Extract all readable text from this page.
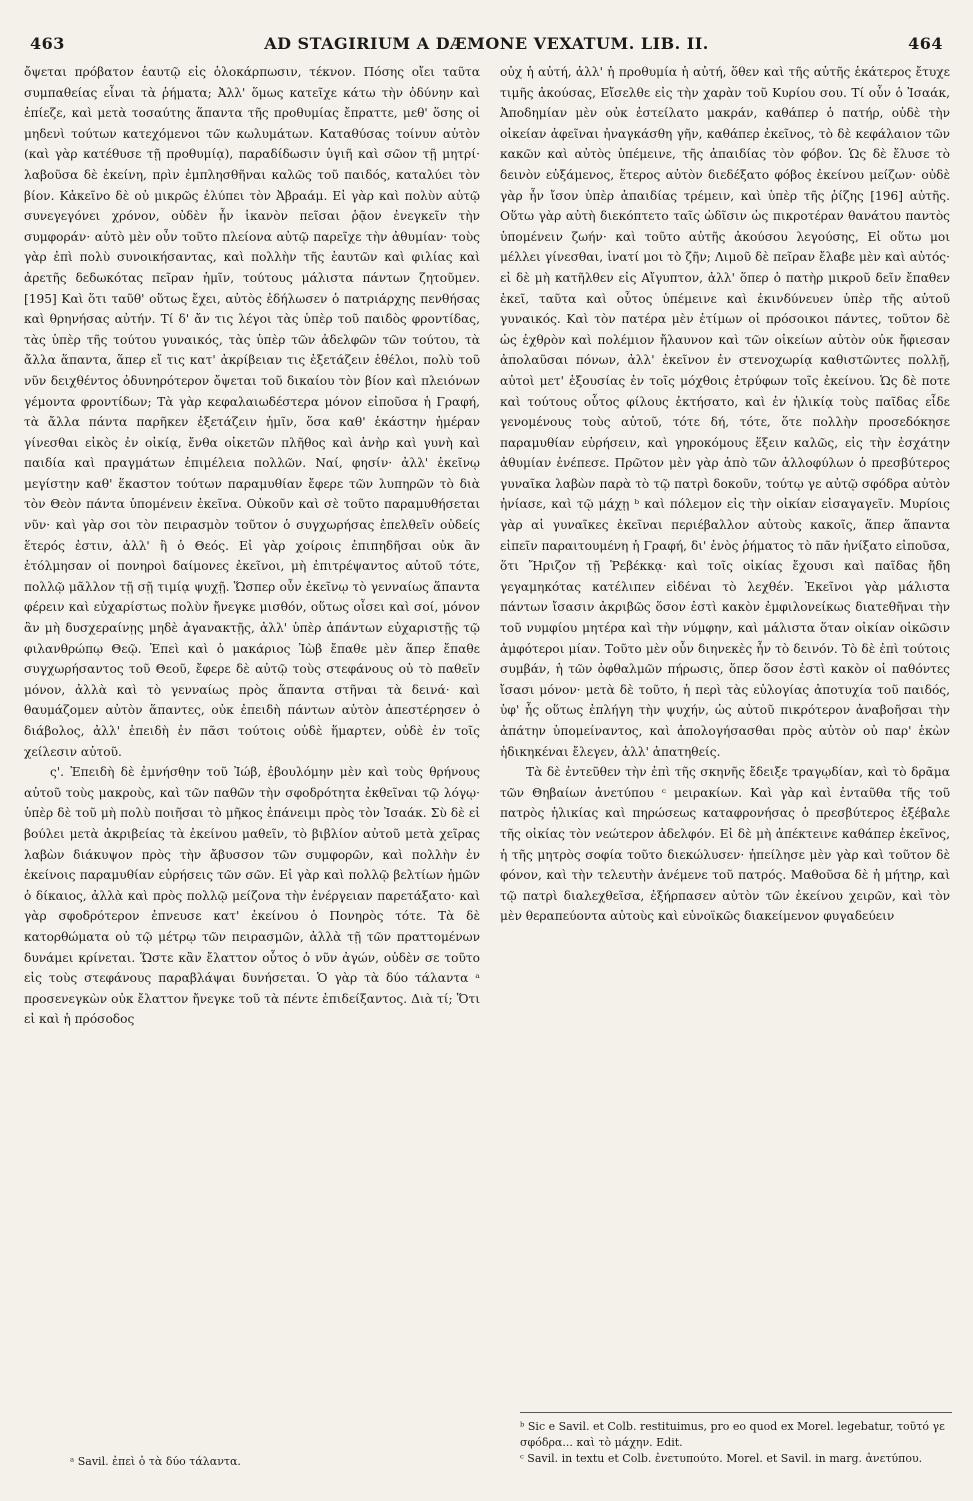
463	AD STAGIRIUM A DÆMONE VEXATUM. LIB. II.	464

ὄψεται πρόβατον ἑαυτῷ εἰς ὁλοκάρπωσιν, τέκνον. Πόσης οἴει ταῦτα συμπαθείας εἶναι τὰ ῥήματα; Ἀλλ' ὅμως κατεῖχε κάτω τὴν ὀδύνην καὶ ἐπίεζε, καὶ μετὰ τοσαύτης ἅπαντα τῆς προθυμίας ἔπραττε, μεθ' ὅσης οἱ μηδενὶ τούτων κατεχόμενοι τῶν κωλυμάτων. Καταθύσας τοίνυν αὐτὸν (καὶ γὰρ κατέθυσε τῇ προθυμίᾳ), παραδίδωσιν ὑγιῆ καὶ σῶον τῇ μητρί· λαβοῦσα δὲ ἐκείνη, πρὶν ἐμπλησθῆναι καλῶς τοῦ παιδός, καταλύει τὸν βίον. Κἀκεῖνο δὲ οὐ μικρῶς ἐλύπει τὸν Ἀβραάμ. Εἰ γὰρ καὶ πολὺν αὐτῷ συνεγεγόνει χρόνον, οὐδὲν ἦν ἱκανὸν πεῖσαι ῥᾷον ἐνεγκεῖν τὴν συμφοράν· αὐτὸ μὲν οὖν τοῦτο πλείονα αὐτῷ παρεῖχε τὴν ἀθυμίαν· τοὺς γὰρ ἐπὶ πολὺ συνοικήσαντας, καὶ πολλὴν τῆς ἑαυτῶν καὶ φιλίας καὶ ἀρετῆς δεδωκότας πεῖραν ἡμῖν, τούτους μάλιστα πάντων ζητοῦμεν. [195] Καὶ ὅτι ταῦθ' οὕτως ἔχει, αὐτὸς ἐδήλωσεν ὁ πατριάρχης πενθήσας καὶ θρηνήσας αὐτήν. Τί δ' ἄν τις λέγοι τὰς ὑπὲρ τοῦ παιδὸς φροντίδας, τὰς ὑπὲρ τῆς τούτου γυναικός, τὰς ὑπὲρ τῶν ἀδελφῶν τῶν τούτου, τὰ ἄλλα ἅπαντα, ἅπερ εἴ τις κατ' ἀκρίβειαν τις ἐξετάζειν ἐθέλοι, πολὺ τοῦ νῦν δειχθέντος ὀδυνηρότερον ὄψεται τοῦ δικαίου τὸν βίον καὶ πλειόνων γέμοντα φροντίδων; Τὰ γὰρ κεφαλαιωδέστερα μόνον εἰποῦσα ἡ Γραφή, τὰ ἄλλα πάντα παρῆκεν ἐξετάζειν ἡμῖν, ὅσα καθ' ἑκάστην ἡμέραν γίνεσθαι εἰκὸς ἐν οἰκίᾳ, ἔνθα οἰκετῶν πλῆθος καὶ ἀνὴρ καὶ γυνὴ καὶ παιδία καὶ πραγμάτων ἐπιμέλεια πολλῶν. Ναί, φησίν· ἀλλ' ἐκεῖνῳ μεγίστην καθ' ἕκαστον τούτων παραμυθίαν ἔφερε τῶν λυπηρῶν τὸ διὰ τὸν Θεὸν πάντα ὑπομένειν ἐκεῖνα. Οὐκοῦν καὶ σὲ τοῦτο παραμυθήσεται νῦν· καὶ γὰρ σοι τὸν πειρασμὸν τοῦτον ὁ συγχωρήσας ἐπελθεῖν οὐδείς ἕτερός ἐστιν, ἀλλ' ἢ ὁ Θεός. Εἰ γὰρ χοίροις ἐπιπηδῆσαι οὐκ ἂν ἐτόλμησαν οἱ πονηροὶ δαίμονες ἐκεῖνοι, μὴ ἐπιτρέψαντος αὐτοῦ τότε, πολλῷ μᾶλλον τῇ σῇ τιμίᾳ ψυχῇ. Ὥσπερ οὖν ἐκεῖνῳ τὸ γενναίως ἅπαντα φέρειν καὶ εὐχαρίστως πολὺν ἤνεγκε μισθόν, οὕτως οἶσει καὶ σοί, μόνον ἂν μὴ δυσχεραίνῃς μηδὲ ἀγανακτῇς, ἀλλ' ὑπὲρ ἁπάντων εὐχαριστῇς τῷ φιλανθρώπῳ Θεῷ. Ἐπεὶ καὶ ὁ μακάριος Ἰὼβ ἔπαθε μὲν ἅπερ ἔπαθε συγχωρήσαντος τοῦ Θεοῦ, ἔφερε δὲ αὐτῷ τοὺς στεφάνους οὐ τὸ παθεῖν μόνον, ἀλλὰ καὶ τὸ γενναίως πρὸς ἅπαντα στῆναι τὰ δεινά· καὶ θαυμάζομεν αὐτὸν ἅπαντες, οὐκ ἐπειδὴ πάντων αὐτὸν ἀπεστέρησεν ὁ διάβολος, ἀλλ' ἐπειδὴ ἐν πᾶσι τούτοις οὐδὲ ἥμαρτεν, οὐδὲ ἐν τοῖς χείλεσιν αὐτοῦ.

ς'. Ἐπειδὴ δὲ ἐμνήσθην τοῦ Ἰώβ, ἐβουλόμην μὲν καὶ τοὺς θρήνους αὐτοῦ τοὺς μακροὺς, καὶ τῶν παθῶν τὴν σφοδρότητα ἐκθεῖναι τῷ λόγῳ· ὑπὲρ δὲ τοῦ μὴ πολὺ ποιῆσαι τὸ μῆκος ἐπάνειμι πρὸς τὸν Ἰσαάκ. Σὺ δὲ εἰ βούλει μετὰ ἀκριβείας τὰ ἐκείνου μαθεῖν, τὸ βιβλίον αὐτοῦ μετὰ χεῖρας λαβὼν διάκυψον πρὸς τὴν ἄβυσσον τῶν συμφορῶν, καὶ πολλὴν ἐν ἐκείνοις παραμυθίαν εὑρήσεις τῶν σῶν. Εἰ γὰρ καὶ πολλῷ βελτίων ἡμῶν ὁ δίκαιος, ἀλλὰ καὶ πρὸς πολλῷ μείζονα τὴν ἐνέργειαν παρετάξατο· καὶ γὰρ σφοδρότερον ἐπνευσε κατ' ἐκείνου ὁ Πονηρὸς τότε. Τὰ δὲ κατορθώματα οὐ τῷ μέτρῳ τῶν πειρασμῶν, ἀλλὰ τῇ τῶν πραττομένων δυνάμει κρίνεται. Ὥστε κἂν ἔλαττον οὗτος ὁ νῦν ἀγών, οὐδὲν σε τοῦτο εἰς τοὺς στεφάνους παραβλάψαι δυνήσεται. Ὁ γὰρ τὰ δύο τάλαντα ᵃ προσενεγκὼν οὐκ ἔλαττον ἤνεγκε τοῦ τὰ πέντε ἐπιδείξαντος. Διὰ τί; Ὅτι εἰ καὶ ἡ πρόσοδος

οὐχ ἡ αὐτή, ἀλλ' ἡ προθυμία ἡ αὐτή, ὅθεν καὶ τῆς αὐτῆς ἑκάτερος ἔτυχε τιμῆς ἀκούσας, Εἴσελθε εἰς τὴν χαρὰν τοῦ Κυρίου σου. Τί οὖν ὁ Ἰσαάκ, Ἀποδημίαν μὲν οὐκ ἐστείλατο μακράν, καθάπερ ὁ πατήρ, οὐδὲ τὴν οἰκείαν ἀφεῖναι ἠναγκάσθη γῆν, καθάπερ ἐκεῖνος, τὸ δὲ κεφάλαιον τῶν κακῶν καὶ αὐτὸς ὑπέμεινε, τῆς ἀπαιδίας τὸν φόβον. Ὡς δὲ ἔλυσε τὸ δεινὸν εὐξάμενος, ἕτερος αὐτὸν διεδέξατο φόβος ἐκείνου μείζων· οὐδὲ γὰρ ἦν ἴσον ὑπὲρ ἀπαιδίας τρέμειν, καὶ ὑπὲρ τῆς ῥίζης [196] αὐτῆς. Οὕτω γὰρ αὐτὴ διεκόπτετο ταῖς ὠδῖσιν ὡς πικροτέραν θανάτου παντὸς ὑπομένειν ζωήν· καὶ τοῦτο αὐτῆς ἀκούσου λεγούσης, Εἰ οὕτω μοι μέλλει γίνεσθαι, ἱνατί μοι τὸ ζῆν; Λιμοῦ δὲ πεῖραν ἔλαβε μὲν καὶ αὐτός· εἰ δὲ μὴ κατῆλθεν εἰς Αἴγυπτον, ἀλλ' ὅπερ ὁ πατὴρ μικροῦ δεῖν ἔπαθεν ἐκεῖ, ταῦτα καὶ οὗτος ὑπέμεινε καὶ ἐκινδύνευεν ὑπὲρ τῆς αὐτοῦ γυναικός. Καὶ τὸν πατέρα μὲν ἐτίμων οἱ πρόσοικοι πάντες, τοῦτον δὲ ὡς ἐχθρὸν καὶ πολέμιον ἤλαυνον καὶ τῶν οἰκείων αὐτὸν οὐκ ἤφιεσαν ἀπολαῦσαι πόνων, ἀλλ' ἐκεῖνον ἐν στενοχωρίᾳ καθιστῶντες πολλῇ, αὐτοὶ μετ' ἐξουσίας ἐν τοῖς μόχθοις ἐτρύφων τοῖς ἐκείνου. Ὡς δὲ ποτε καὶ τούτους οὗτος φίλους ἐκτήσατο, καὶ ἐν ἡλικίᾳ τοὺς παῖδας εἶδε γενομένους τοὺς αὐτοῦ, τότε δή, τότε, ὅτε πολλὴν προσεδόκησε παραμυθίαν εὑρήσειν, καὶ γηροκόμους ἕξειν καλῶς, εἰς τὴν ἐσχάτην ἀθυμίαν ἐνέπεσε. Πρῶτον μὲν γὰρ ἀπὸ τῶν ἀλλοφύλων ὁ πρεσβύτερος γυναῖκα λαβὼν παρὰ τὸ τῷ πατρὶ δοκοῦν, τούτῳ γε αὐτῷ σφόδρα αὐτὸν ἠνίασε, καὶ τῷ μάχῃ ᵇ καὶ πόλεμον εἰς τὴν οἰκίαν εἰσαγαγεῖν. Μυρίοις γὰρ αἱ γυναῖκες ἐκεῖναι περιέβαλλον αὐτοὺς κακοῖς, ἅπερ ἅπαντα εἰπεῖν παραιτουμένη ἡ Γραφή, δι' ἑνὸς ῥήματος τὸ πᾶν ἠνίξατο εἰποῦσα, ὅτι Ἤριζον τῇ Ῥεβέκκᾳ· καὶ τοῖς οἰκίας ἔχουσι καὶ παῖδας ἤδη γεγαμηκότας κατέλιπεν εἰδέναι τὸ λεχθέν. Ἐκεῖνοι γὰρ μάλιστα πάντων ἴσασιν ἀκριβῶς ὅσον ἐστὶ κακὸν ἐμφιλονείκως διατεθῆναι τὴν τοῦ νυμφίου μητέρα καὶ τὴν νύμφην, καὶ μάλιστα ὅταν οἰκίαν οἰκῶσιν ἀμφότεροι μίαν. Τοῦτο μὲν οὖν διηνεκὲς ἦν τὸ δεινόν. Τὸ δὲ ἐπὶ τούτοις συμβάν, ἡ τῶν ὀφθαλμῶν πήρωσις, ὅπερ ὅσον ἐστὶ κακὸν οἱ παθόντες ἴσασι μόνον· μετὰ δὲ τοῦτο, ἡ περὶ τὰς εὐλογίας ἀποτυχία τοῦ παιδός, ὑφ' ἧς οὕτως ἐπλήγη τὴν ψυχήν, ὡς αὐτοῦ πικρότερον ἀναβοῆσαι τὴν ἀπάτην ὑπομείναντος, καὶ ἀπολογήσασθαι πρὸς αὐτὸν οὐ παρ' ἑκὼν ἠδικηκέναι ἔλεγεν, ἀλλ' ἀπατηθείς.

Τὰ δὲ ἐντεῦθεν τὴν ἐπὶ τῆς σκηνῆς ἔδειξε τραγῳδίαν, καὶ τὸ δρᾶμα τῶν Θηβαίων ἀνετύπου ᶜ μειρακίων. Καὶ γὰρ καὶ ἐνταῦθα τῆς τοῦ πατρὸς ἡλικίας καὶ πηρώσεως καταφρονήσας ὁ πρεσβύτερος ἐξέβαλε τῆς οἰκίας τὸν νεώτερον ἀδελφόν. Εἰ δὲ μὴ ἀπέκτεινε καθάπερ ἐκεῖνος, ἡ τῆς μητρὸς σοφία τοῦτο διεκώλυσεν· ἠπείλησε μὲν γὰρ καὶ τοῦτον δὲ φόνον, καὶ τὴν τελευτὴν ἀνέμενε τοῦ πατρός. Μαθοῦσα δὲ ἡ μήτηρ, καὶ τῷ πατρὶ διαλεχθεῖσα, ἐξήρπασεν αὐτὸν τῶν ἐκείνου χειρῶν, καὶ τὸν μὲν θεραπεύοντα αὐτοὺς καὶ εὐνοϊκῶς διακείμενον φυγαδεύειν

ᵇ Sic e Savil. et Colb. restituimus, pro eo quod ex Morel. legebatur, τοῦτό γε σφόδρα... καὶ τὸ μάχην. Edit.

ᶜ Savil. in textu et Colb. ἐνετυπούτο. Morel. et Savil. in marg. ἀνετύπου.

ᵃ Savil. ἐπεὶ ὁ τὰ δύο τάλαντα.
